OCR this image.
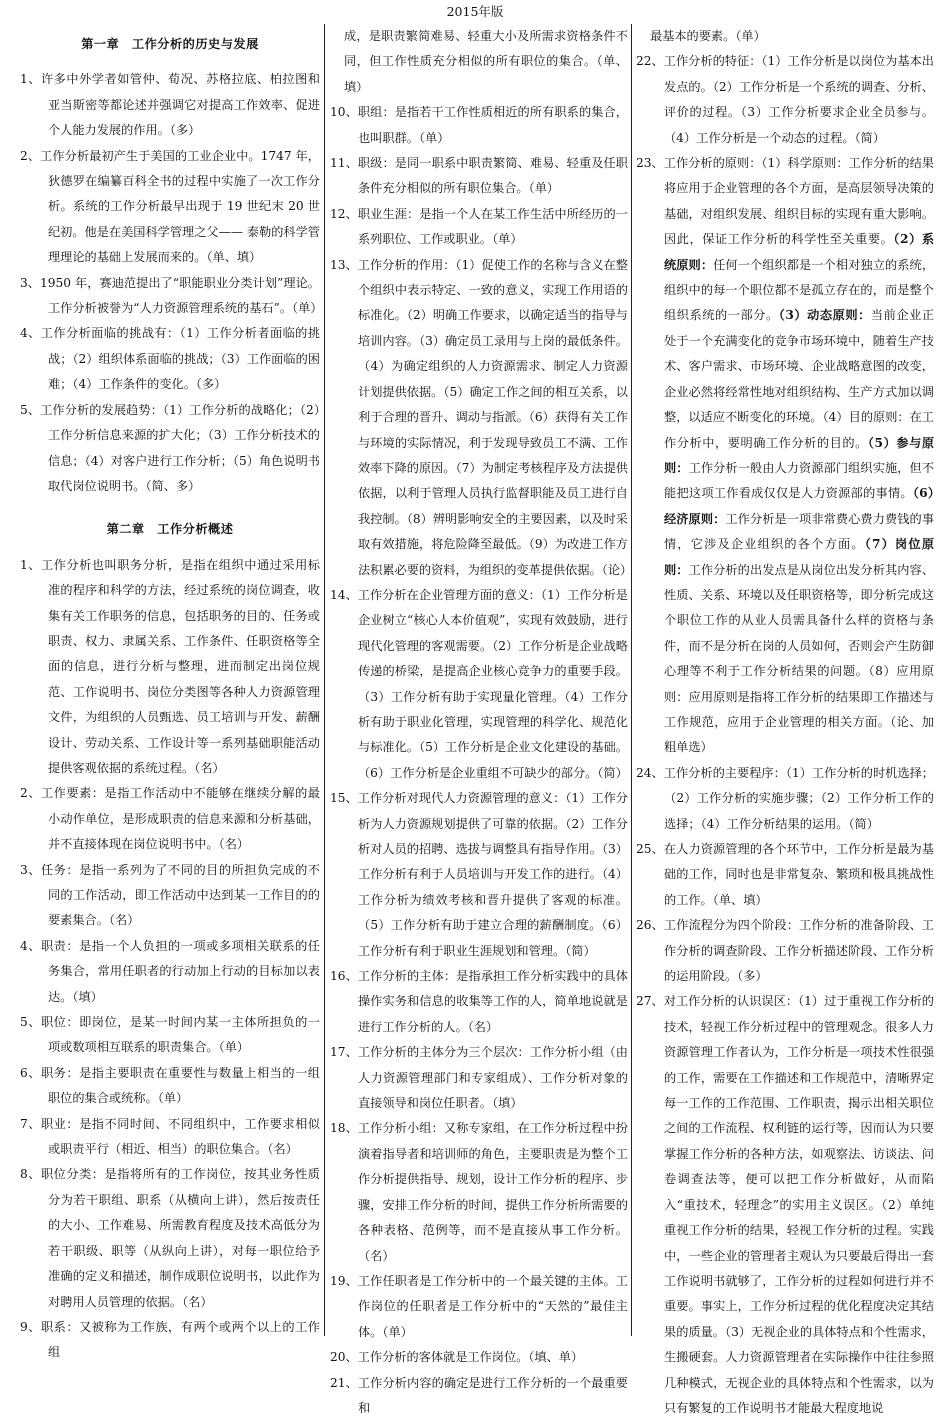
2015年版
第一章　工作分析的历史与发展

1、许多中外学者如管仲、荀况、苏格拉底、柏拉图和亚当斯密等都论述并强调它对提高工作效率、促进个人能力发展的作用。（多）

2、工作分析最初产生于美国的工业企业中。1747 年，狄德罗在编纂百科全书的过程中实施了一次工作分析。系统的工作分析最早出现于 19 世纪末 20 世纪初。他是在美国科学管理之父—— 泰勒的科学管理理论的基础上发展而来的。（单、填）

3、1950 年，赛迪范提出了“职能职业分类计划”理论。工作分析被誉为“人力资源管理系统的基石”。（单）

4、工作分析面临的挑战有：（1）工作分析者面临的挑战；（2）组织体系面临的挑战；（3）工作面临的困难；（4）工作条件的变化。（多）

5、工作分析的发展趋势：（1）工作分析的战略化；（2）工作分析信息来源的扩大化；（3）工作分析技术的信息；（4）对客户进行工作分析；（5）角色说明书取代岗位说明书。（简、多）

第二章　工作分析概述

1、工作分析也叫职务分析，是指在组织中通过采用标准的程序和科学的方法，经过系统的岗位调查，收集有关工作职务的信息，包括职务的目的、任务或职责、权力、隶属关系、工作条件、任职资格等全面的信息，进行分析与整理，进而制定出岗位规范、工作说明书、岗位分类图等各种人力资源管理文件，为组织的人员甄选、员工培训与开发、薪酬设计、劳动关系、工作设计等一系列基础职能活动提供客观依据的系统过程。（名）

2、工作要素：是指工作活动中不能够在继续分解的最小动作单位，是形成职责的信息来源和分析基础，并不直接体现在岗位说明书中。（名）

3、任务：是指一系列为了不同的目的所担负完成的不同的工作活动，即工作活动中达到某一工作目的的要素集合。（名）

4、职责：是指一个人负担的一项或多项相关联系的任务集合，常用任职者的行动加上行动的目标加以表达。（填）

5、职位：即岗位，是某一时间内某一主体所担负的一项或数项相互联系的职责集合。（单）

6、职务：是指主要职责在重要性与数量上相当的一组职位的集合或统称。（单）

7、职业：是指不同时间、不同组织中，工作要求相似或职责平行（相近、相当）的职位集合。（名）

8、职位分类：是指将所有的工作岗位，按其业务性质分为若干职组、职系（从横向上讲），然后按责任的大小、工作难易、所需教育程度及技术高低分为若干职级、职等（从纵向上讲），对每一职位给予准确的定义和描述，制作成职位说明书，以此作为对聘用人员管理的依据。（名）

9、职系：又被称为工作族，有两个或两个以上的工作组

成，是职责繁简难易、轻重大小及所需求资格条件不同，但工作性质充分相似的所有职位的集合。（单、填）

10、职组：是指若干工作性质相近的所有职系的集合，也叫职群。（单）

11、职级：是同一职系中职责繁简、难易、轻重及任职条件充分相似的所有职位集合。（单）

12、职业生涯：是指一个人在某工作生活中所经历的一系列职位、工作或职业。（单）

13、工作分析的作用：（1）促使工作的名称与含义在整个组织中表示特定、一致的意义，实现工作用语的标准化。（2）明确工作要求，以确定适当的指导与培训内容。（3）确定员工录用与上岗的最低条件。（4）为确定组织的人力资源需求、制定人力资源计划提供依据。（5）确定工作之间的相互关系，以利于合理的晋升、调动与指派。（6）获得有关工作与环境的实际情况，利于发现导致员工不满、工作效率下降的原因。（7）为制定考核程序及方法提供依据，以利于管理人员执行监督职能及员工进行自我控制。（8）辨明影响安全的主要因素，以及时采取有效措施，将危险降至最低。（9）为改进工作方法积累必要的资料，为组织的变革提供依据。（论）

14、工作分析在企业管理方面的意义：（1）工作分析是企业树立“核心人本价值观”，实现有效鼓励，进行现代化管理的客观需要。（2）工作分析是企业战略传递的桥梁，是提高企业核心竞争力的重要手段。（3）工作分析有助于实现量化管理。（4）工作分析有助于职业化管理，实现管理的科学化、规范化与标准化。（5）工作分析是企业文化建设的基础。（6）工作分析是企业重组不可缺少的部分。（简）

15、工作分析对现代人力资源管理的意义：（1）工作分析为人力资源规划提供了可靠的依据。（2）工作分析对人员的招聘、选拔与调整具有指导作用。（3）工作分析有利于人员培训与开发工作的进行。（4）工作分析为绩效考核和晋升提供了客观的标准。（5）工作分析有助于建立合理的薪酬制度。（6）工作分析有利于职业生涯规划和管理。（简）

16、工作分析的主体：是指承担工作分析实践中的具体操作实务和信息的收集等工作的人，简单地说就是进行工作分析的人。（名）

17、工作分析的主体分为三个层次：工作分析小组（由人力资源管理部门和专家组成）、工作分析对象的直接领导和岗位任职者。（填）

18、工作分析小组：又称专家组，在工作分析过程中扮演着指导者和培训师的角色，主要职责是为整个工作分析提供指导、规划，设计工作分析的程序、步骤，安排工作分析的时间，提供工作分析所需要的各种表格、范例等，而不是直接从事工作分析。（名）

19、工作任职者是工作分析中的一个最关键的主体。工作岗位的任职者是工作分析中的“天然的”最佳主体。（单）

20、工作分析的客体就是工作岗位。（填、单）

21、工作分析内容的确定是进行工作分析的一个最重要和

最基本的要素。（单）

22、工作分析的特征：（1）工作分析是以岗位为基本出发点的。（2）工作分析是一个系统的调查、分析、评价的过程。（3）工作分析要求企业全员参与。（4）工作分析是一个动态的过程。（简）

23、工作分析的原则：（1）科学原则：工作分析的结果将应用于企业管理的各个方面，是高层领导决策的基础，对组织发展、组织目标的实现有重大影响。因此，保证工作分析的科学性至关重要。（2）系统原则：任何一个组织都是一个相对独立的系统，组织中的每一个职位都不是孤立存在的，而是整个组织系统的一部分。（3）动态原则：当前企业正处于一个充满变化的竞争市场环境中，随着生产技术、客户需求、市场环境、企业战略意图的改变，企业必然将经常性地对组织结构、生产方式加以调整，以适应不断变化的环境。（4）目的原则：在工作分析中，要明确工作分析的目的。（5）参与原则：工作分析一般由人力资源部门组织实施，但不能把这项工作看成仅仅是人力资源部的事情。（6）经济原则：工作分析是一项非常费心费力费钱的事情，它涉及企业组织的各个方面。（7）岗位原则：工作分析的出发点是从岗位出发分析其内容、性质、关系、环境以及任职资格等，即分析完成这个职位工作的从业人员需具备什么样的资格与条件，而不是分析在岗的人员如何，否则会产生防御心理等不利于工作分析结果的问题。（8）应用原则：应用原则是指将工作分析的结果即工作描述与工作规范，应用于企业管理的相关方面。（论、加粗单选）

24、工作分析的主要程序：（1）工作分析的时机选择；（2）工作分析的实施步骤；（2）工作分析工作的选择；（4）工作分析结果的运用。（简）

25、在人力资源管理的各个环节中，工作分析是最为基础的工作，同时也是非常复杂、繁琐和极具挑战性的工作。（单、填）

26、工作流程分为四个阶段：工作分析的准备阶段、工作分析的调查阶段、工作分析描述阶段、工作分析的运用阶段。（多）

27、对工作分析的认识误区：（1）过于重视工作分析的技术，轻视工作分析过程中的管理观念。很多人力资源管理工作者认为，工作分析是一项技术性很强的工作，需要在工作描述和工作规范中，清晰界定每一工作的工作范围、工作职责，揭示出相关职位之间的工作流程、权利链的运行等，因而认为只要掌握工作分析的各种方法，如观察法、访谈法、问卷调查法等，便可以把工作分析做好，从而陷入“重技术，轻理念”的实用主义误区。（2）单纯重视工作分析的结果，轻视工作分析的过程。实践中，一些企业的管理者主观认为只要最后得出一套工作说明书就够了，工作分析的过程如何进行并不重要。事实上，工作分析过程的优化程度决定其结果的质量。（3）无视企业的具体特点和个性需求，生搬硬套。人力资源管理者在实际操作中往往参照几种模式，无视企业的具体特点和个性需求，以为只有繁复的工作说明书才能最大程度地说
